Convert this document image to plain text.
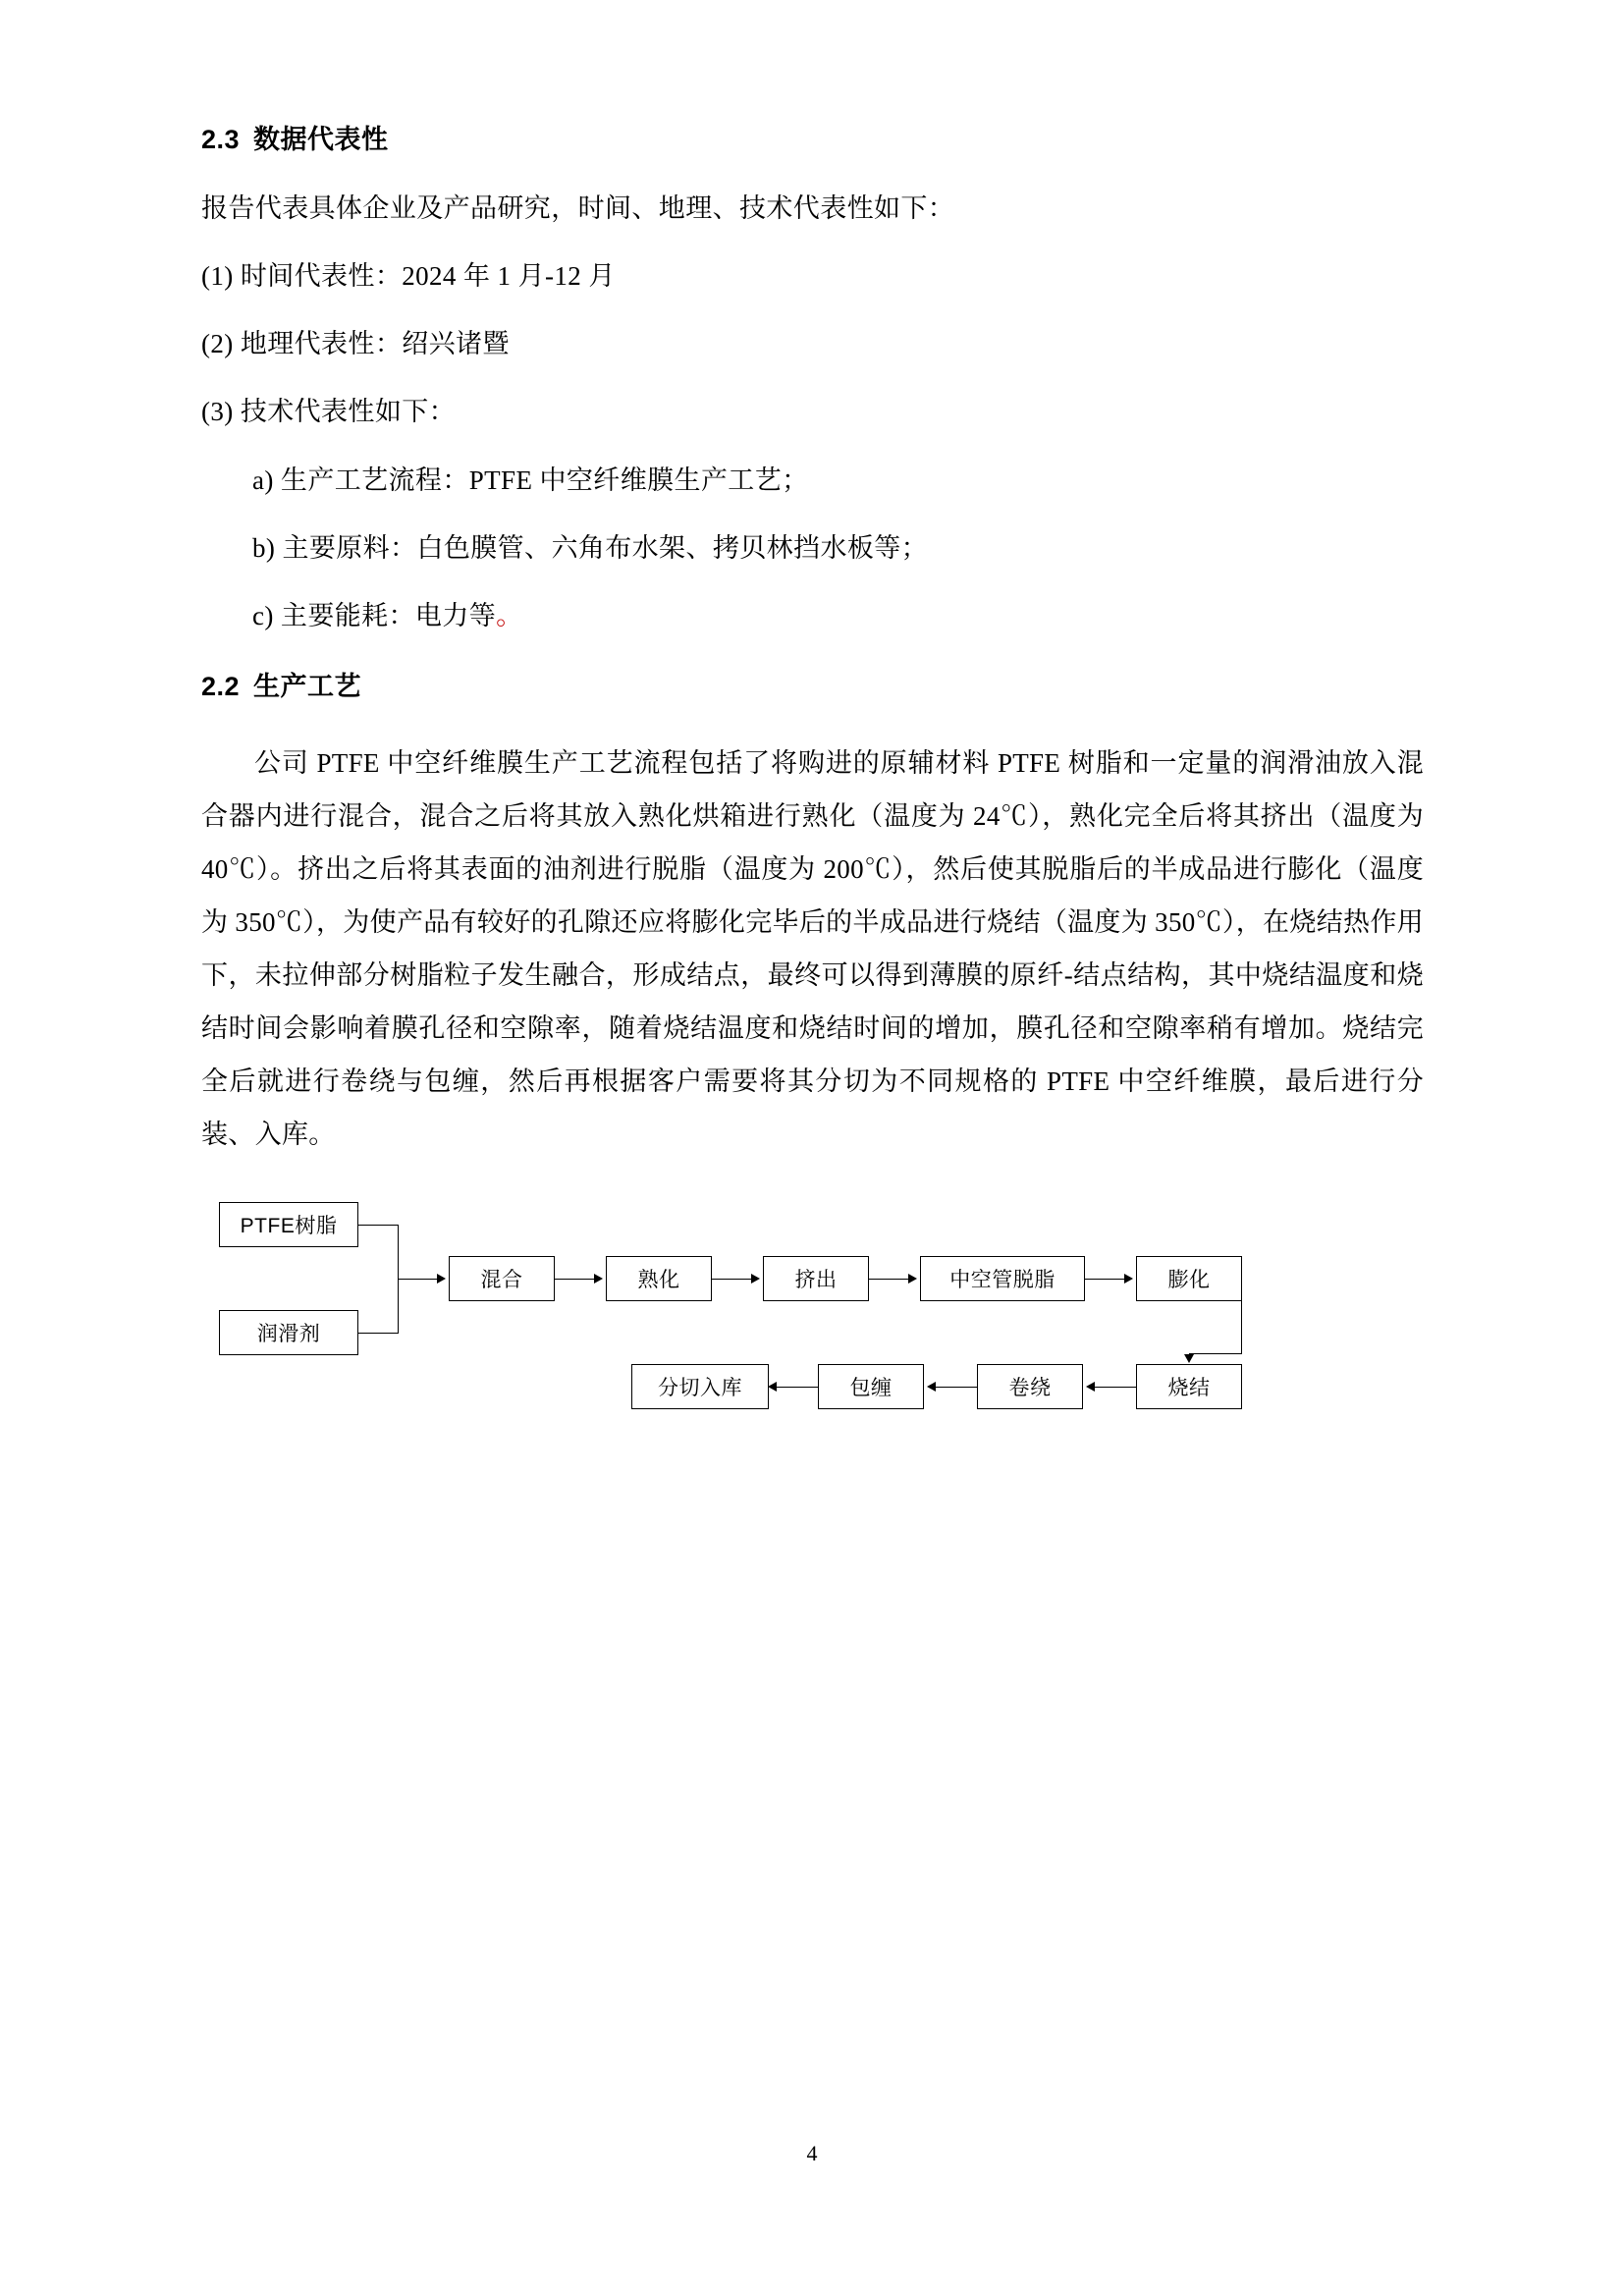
2.3 数据代表性

报告代表具体企业及产品研究，时间、地理、技术代表性如下：

(1) 时间代表性：2024 年 1 月-12 月

(2) 地理代表性：绍兴诸暨

(3) 技术代表性如下：

a) 生产工艺流程：PTFE 中空纤维膜生产工艺；

b) 主要原料：白色膜管、六角布水架、拷贝林挡水板等；

c) 主要能耗：电力等。

2.2 生产工艺

公司 PTFE 中空纤维膜生产工艺流程包括了将购进的原辅材料 PTFE 树脂和一定量的润滑油放入混合器内进行混合，混合之后将其放入熟化烘箱进行熟化（温度为 24℃），熟化完全后将其挤出（温度为 40℃）。挤出之后将其表面的油剂进行脱脂（温度为 200℃），然后使其脱脂后的半成品进行膨化（温度为 350℃），为使产品有较好的孔隙还应将膨化完毕后的半成品进行烧结（温度为 350℃），在烧结热作用下，未拉伸部分树脂粒子发生融合，形成结点，最终可以得到薄膜的原纤-结点结构，其中烧结温度和烧结时间会影响着膜孔径和空隙率，随着烧结温度和烧结时间的增加，膜孔径和空隙率稍有增加。烧结完全后就进行卷绕与包缠，然后再根据客户需要将其分切为不同规格的 PTFE 中空纤维膜，最后进行分装、入库。

PTFE树脂
润滑剂
混合	熟化	挤出	中空管脱脂	膨化
烧结
卷绕
包缠
分切入库
4
